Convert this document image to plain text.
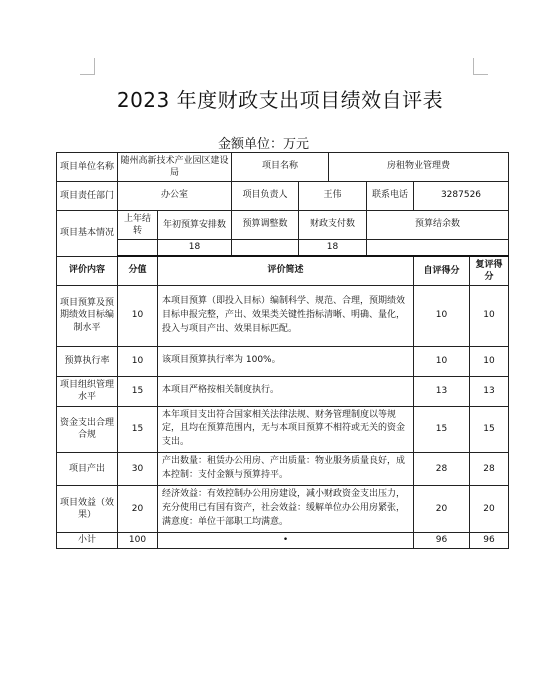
2023 年度财政支出项目绩效自评表
金额单位：万元
项目单位名称	随州高新技术产业园区建设局		项目名称		房租物业管理费			
项目责任部门	办公室		项目负责人	王伟		联系电话	3287526	
项目基本情况	上年结转	年初预算安排数	预算调整数	财政支付数		预算结余数		
		18		18				
评价内容	分值	评价简述					自评得分	复评得分
项目预算及预期绩效目标编制水平	10	本项目预算（即投入目标）编制科学、规范、合理，预期绩效目标申报完整，产出、效果类关键性指标清晰、明确、量化，投入与项目产出、效果目标匹配。					10	10
预算执行率	10	该项目预算执行率为 100%。					10	10
项目组织管理水平	15	本项目严格按相关制度执行。					13	13
资金支出合理合规	15	本年项目支出符合国家相关法律法规、财务管理制度以等规定，且均在预算范围内，无与本项目预算不相符或无关的资金支出。					15	15
项目产出	30	产出数量：租赁办公用房、产出质量：物业服务质量良好，成本控制：支付金额与预算持平。					28	28
项目效益（效果）	20	经济效益：有效控制办公用房建设，减小财政资金支出压力，充分使用已有国有资产，社会效益：缓解单位办公用房紧张，满意度：单位干部职工均满意。					20	20
小计	100	•					96	96
